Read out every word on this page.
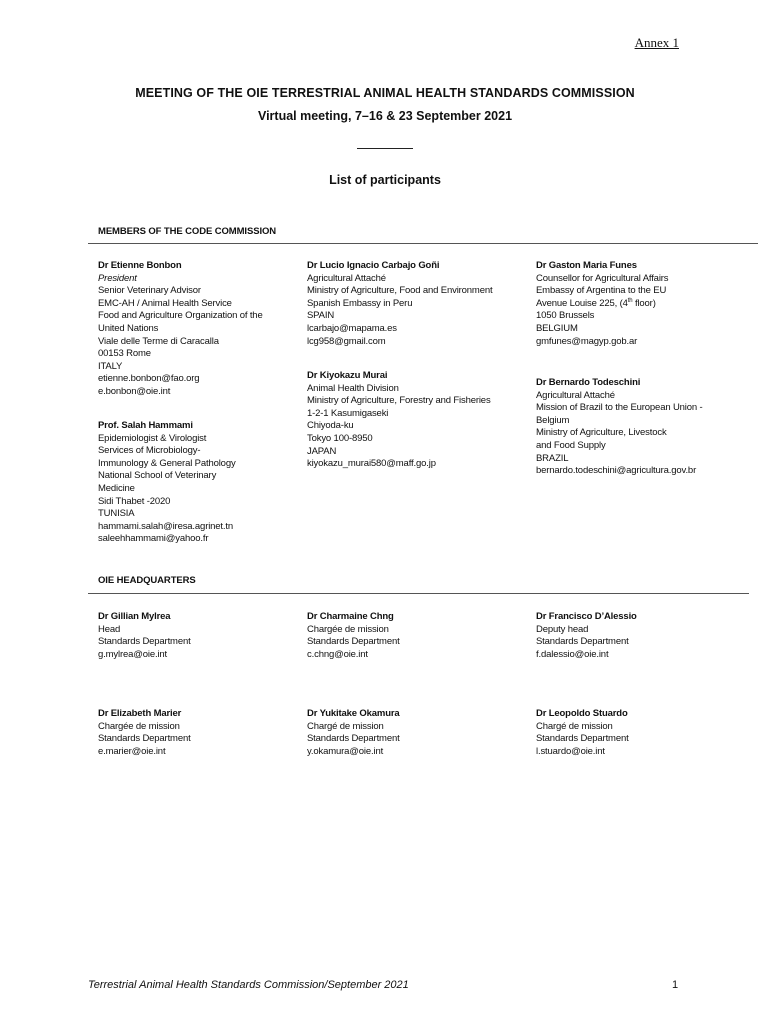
Annex 1
MEETING OF THE OIE TERRESTRIAL ANIMAL HEALTH STANDARDS COMMISSION
Virtual meeting, 7–16 & 23 September 2021
List of participants
MEMBERS OF THE CODE COMMISSION
Dr Etienne Bonbon
President
Senior Veterinary Advisor
EMC-AH / Animal Health Service
Food and Agriculture Organization of the
United Nations
Viale delle Terme di Caracalla
00153 Rome
ITALY
etienne.bonbon@fao.org
e.bonbon@oie.int
Prof. Salah Hammami
Epidemiologist & Virologist
Services of Microbiology-
Immunology & General Pathology
National School of Veterinary
Medicine
Sidi Thabet -2020
TUNISIA
hammami.salah@iresa.agrinet.tn
saleehhammami@yahoo.fr
Dr Lucio Ignacio Carbajo Goñi
Agricultural Attaché
Ministry of Agriculture, Food and Environment
Spanish Embassy in Peru
SPAIN
lcarbajo@mapama.es
lcg958@gmail.com
Dr Kiyokazu Murai
Animal Health Division
Ministry of Agriculture, Forestry and Fisheries
1-2-1 Kasumigaseki
Chiyoda-ku
Tokyo 100-8950
JAPAN
kiyokazu_murai580@maff.go.jp
Dr Gaston Maria Funes
Counsellor for Agricultural Affairs
Embassy of Argentina to the EU
Avenue Louise 225, (4th floor)
1050 Brussels
BELGIUM
gmfunes@magyp.gob.ar
Dr Bernardo Todeschini
Agricultural Attaché
Mission of Brazil to the European Union -
Belgium
Ministry of Agriculture, Livestock
and Food Supply
BRAZIL
bernardo.todeschini@agricultura.gov.br
OIE HEADQUARTERS
Dr Gillian Mylrea
Head
Standards Department
g.mylrea@oie.int
Dr Charmaine Chng
Chargée de mission
Standards Department
c.chng@oie.int
Dr Francisco D’Alessio
Deputy head
Standards Department
f.dalessio@oie.int
Dr Elizabeth Marier
Chargée de mission
Standards Department
e.marier@oie.int
Dr Yukitake Okamura
Chargé de mission
Standards Department
y.okamura@oie.int
Dr Leopoldo Stuardo
Chargé de mission
Standards Department
l.stuardo@oie.int
Terrestrial Animal Health Standards Commission/September 2021	1
